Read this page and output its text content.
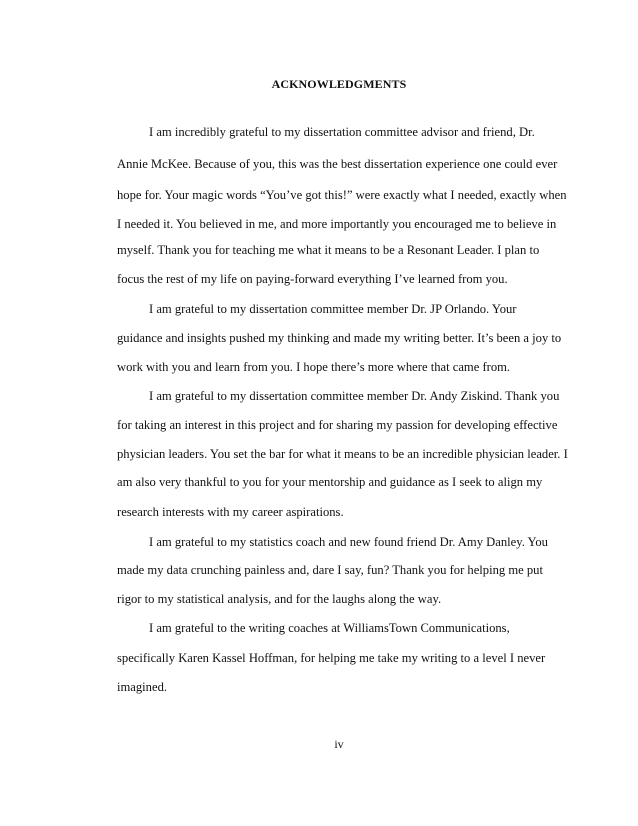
ACKNOWLEDGMENTS
I am incredibly grateful to my dissertation committee advisor and friend, Dr.
Annie McKee. Because of you, this was the best dissertation experience one could ever
hope for. Your magic words “You’ve got this!” were exactly what I needed, exactly when
I needed it. You believed in me, and more importantly you encouraged me to believe in
myself. Thank you for teaching me what it means to be a Resonant Leader. I plan to
focus the rest of my life on paying-forward everything I’ve learned from you.
I am grateful to my dissertation committee member Dr. JP Orlando. Your
guidance and insights pushed my thinking and made my writing better. It’s been a joy to
work with you and learn from you. I hope there’s more where that came from.
I am grateful to my dissertation committee member Dr. Andy Ziskind. Thank you
for taking an interest in this project and for sharing my passion for developing effective
physician leaders. You set the bar for what it means to be an incredible physician leader. I
am also very thankful to you for your mentorship and guidance as I seek to align my
research interests with my career aspirations.
I am grateful to my statistics coach and new found friend Dr. Amy Danley. You
made my data crunching painless and, dare I say, fun? Thank you for helping me put
rigor to my statistical analysis, and for the laughs along the way.
I am grateful to the writing coaches at WilliamsTown Communications,
specifically Karen Kassel Hoffman, for helping me take my writing to a level I never
imagined.
iv
